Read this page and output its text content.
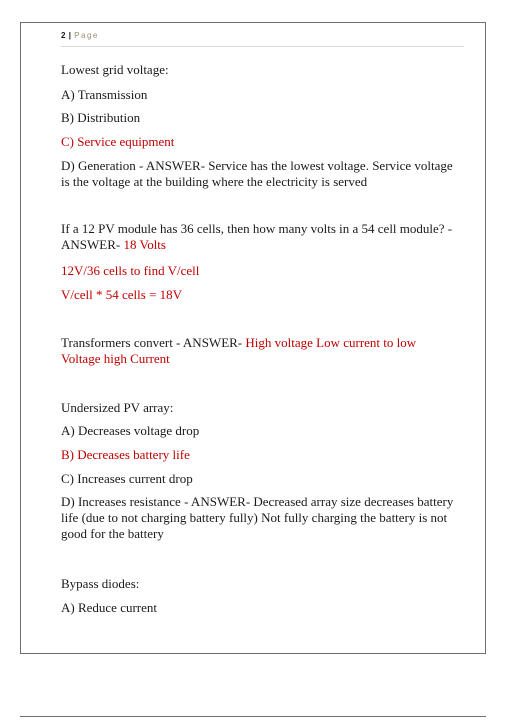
2 | Page

Lowest grid voltage:

A) Transmission

B) Distribution

C) Service equipment

D) Generation - ANSWER- Service has the lowest voltage. Service voltage is the voltage at the building where the electricity is served

If a 12 PV module has 36 cells, then how many volts in a 54 cell module? - ANSWER- 18 Volts

12V/36 cells to find V/cell

V/cell * 54 cells = 18V

Transformers convert - ANSWER- High voltage Low current to low Voltage high Current

Undersized PV array:

A) Decreases voltage drop

B) Decreases battery life

C) Increases current drop

D) Increases resistance - ANSWER- Decreased array size decreases battery life (due to not charging battery fully) Not fully charging the battery is not good for the battery

Bypass diodes:

A) Reduce current
